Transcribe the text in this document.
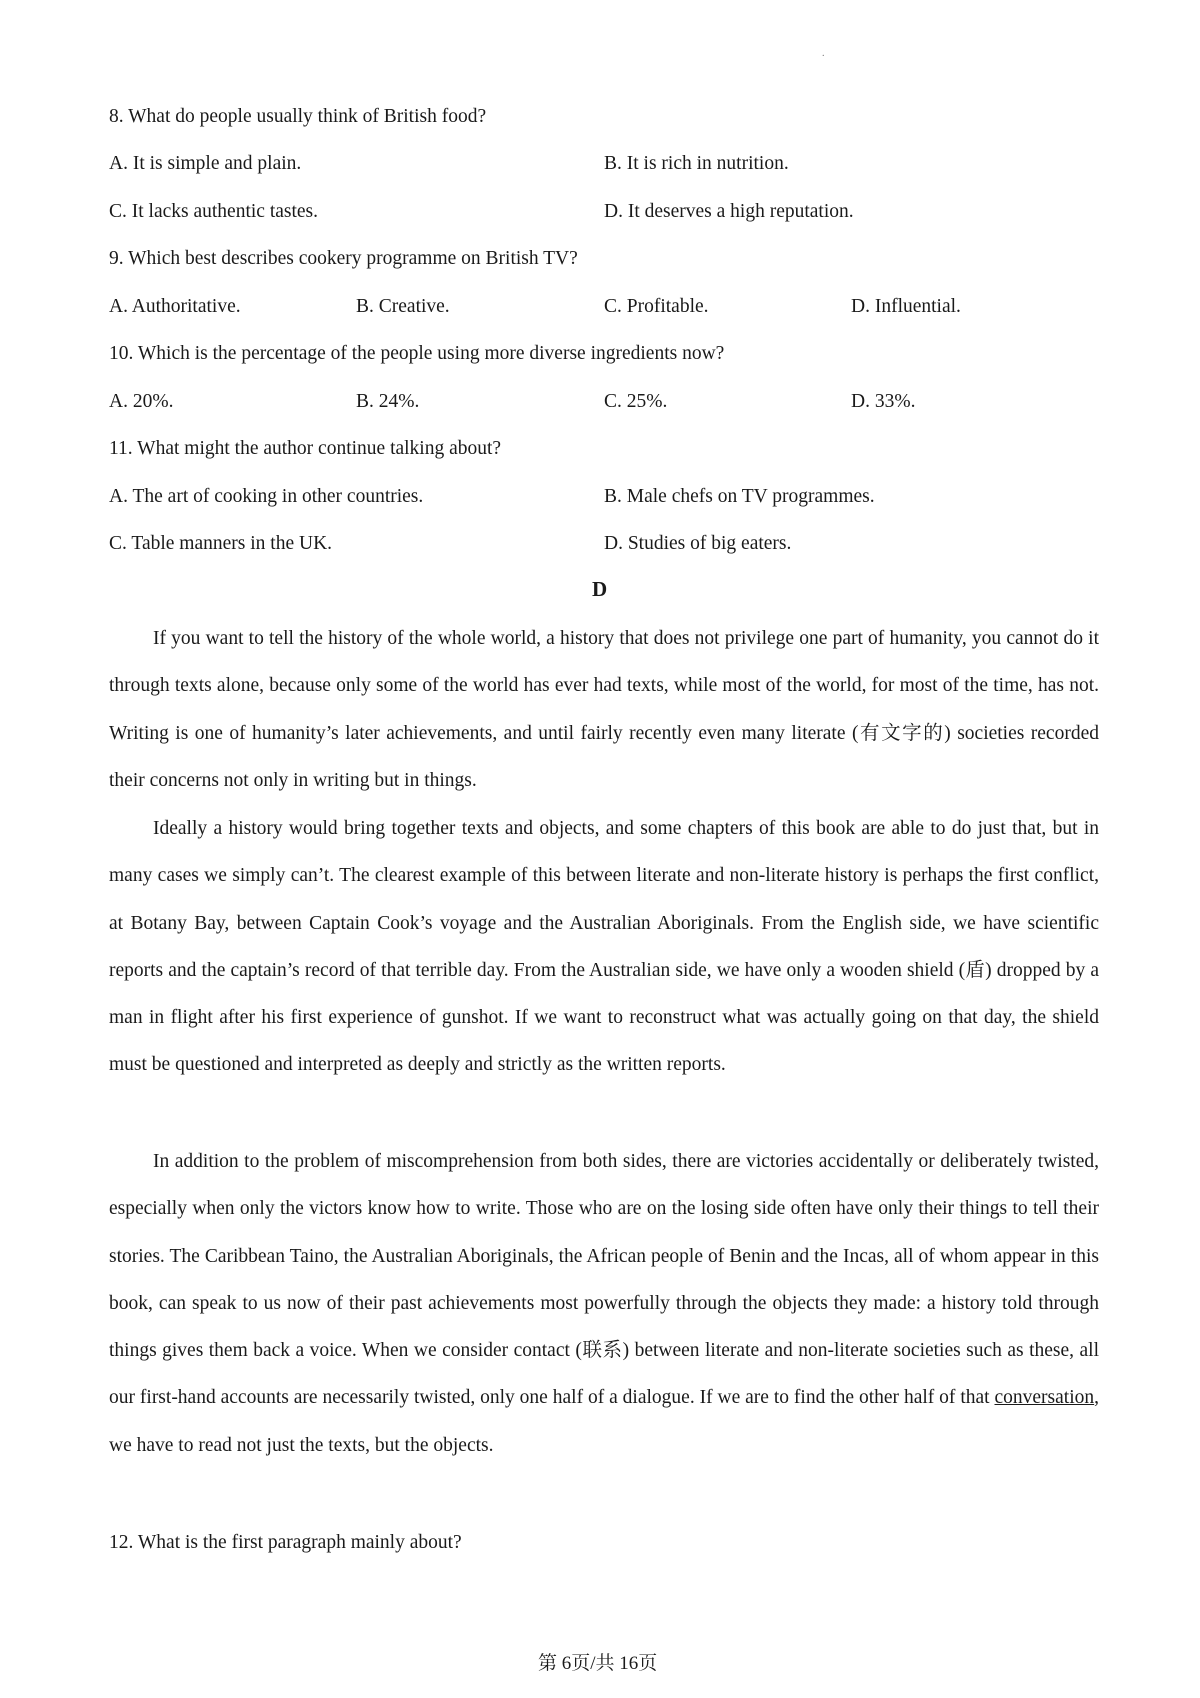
.
8. What do people usually think of British food?
A. It is simple and plain.	B. It is rich in nutrition.
C. It lacks authentic tastes.	D. It deserves a high reputation.
9. Which best describes cookery programme on British TV?
A. Authoritative.	B. Creative.	C. Profitable.	D. Influential.
10. Which is the percentage of the people using more diverse ingredients now?
A. 20%.	B. 24%.	C. 25%.	D. 33%.
11. What might the author continue talking about?
A. The art of cooking in other countries.	B. Male chefs on TV programmes.
C. Table manners in the UK.	D. Studies of big eaters.
D

If you want to tell the history of the whole world, a history that does not privilege one part of humanity, you cannot do it through texts alone, because only some of the world has ever had texts, while most of the world, for most of the time, has not. Writing is one of humanity’s later achievements, and until fairly recently even many literate (有文字的) societies recorded their concerns not only in writing but in things.

Ideally a history would bring together texts and objects, and some chapters of this book are able to do just that, but in many cases we simply can’t. The clearest example of this between literate and non-literate history is perhaps the first conflict, at Botany Bay, between Captain Cook’s voyage and the Australian Aboriginals. From the English side, we have scientific reports and the captain’s record of that terrible day. From the Australian side, we have only a wooden shield (盾) dropped by a man in flight after his first experience of gunshot. If we want to reconstruct what was actually going on that day, the shield must be questioned and interpreted as deeply and strictly as the written reports.

In addition to the problem of miscomprehension from both sides, there are victories accidentally or deliberately twisted, especially when only the victors know how to write. Those who are on the losing side often have only their things to tell their stories. The Caribbean Taino, the Australian Aboriginals, the African people of Benin and the Incas, all of whom appear in this book, can speak to us now of their past achievements most powerfully through the objects they made: a history told through things gives them back a voice. When we consider contact (联系) between literate and non-literate societies such as these, all our first-hand accounts are necessarily twisted, only one half of a dialogue. If we are to find the other half of that conversation, we have to read not just the texts, but the objects.

12. What is the first paragraph mainly about?
第 6页/共 16页
